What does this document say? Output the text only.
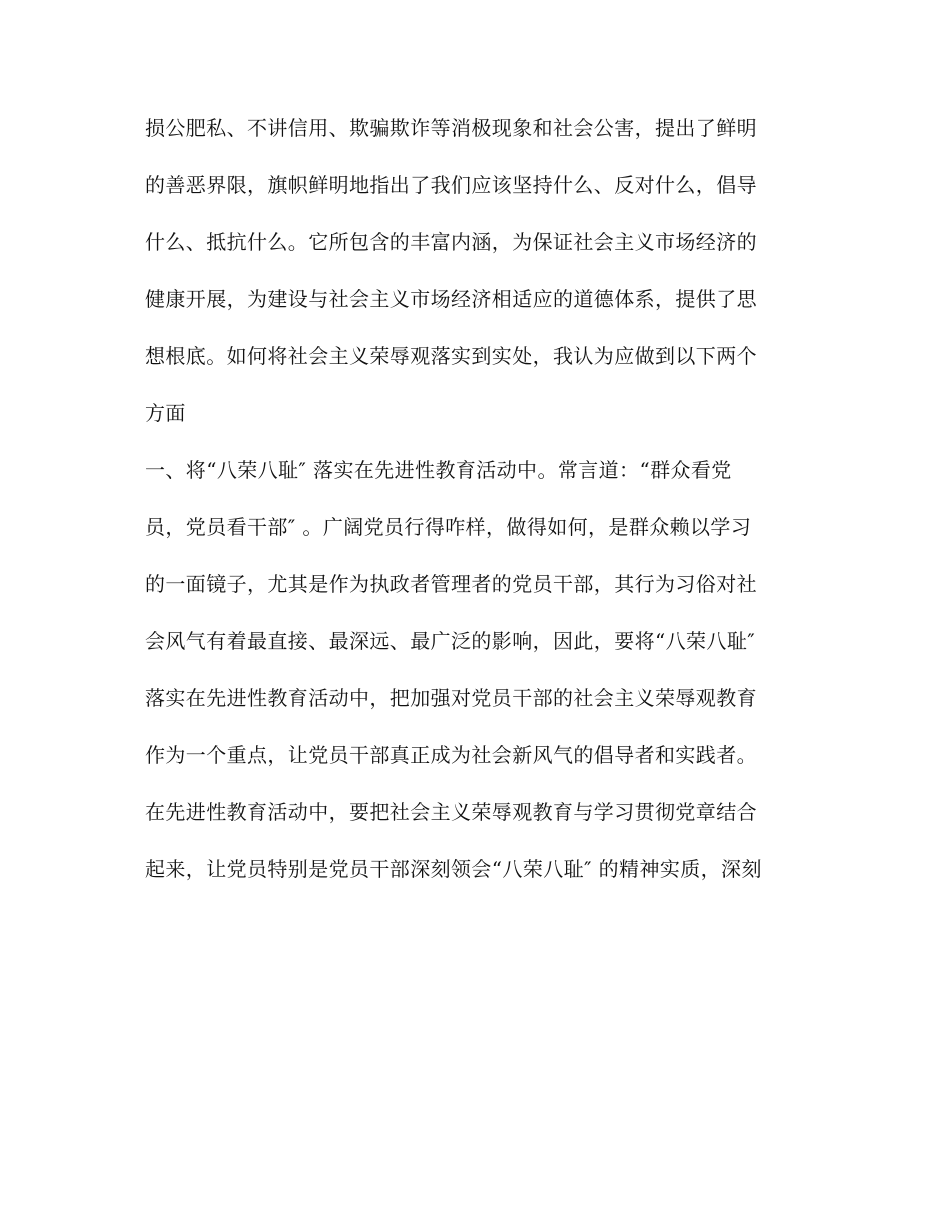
损公肥私、不讲信用、欺骗欺诈等消极现象和社会公害，提出了鲜明
的善恶界限，旗帜鲜明地指出了我们应该坚持什么、反对什么，倡导
什么、抵抗什么。它所包含的丰富内涵，为保证社会主义市场经济的
健康开展，为建设与社会主义市场经济相适应的道德体系，提供了思
想根底。如何将社会主义荣辱观落实到实处，我认为应做到以下两个
方面
一、将“八荣八耻″ 落实在先进性教育活动中。常言道：“群众看党
员，党员看干部″ 。广阔党员行得咋样，做得如何，是群众赖以学习
的一面镜子，尤其是作为执政者管理者的党员干部，其行为习俗对社
会风气有着最直接、最深远、最广泛的影响，因此，要将“八荣八耻″
落实在先进性教育活动中，把加强对党员干部的社会主义荣辱观教育
作为一个重点，让党员干部真正成为社会新风气的倡导者和实践者。
在先进性教育活动中，要把社会主义荣辱观教育与学习贯彻党章结合
起来，让党员特别是党员干部深刻领会“八荣八耻″ 的精神实质，深刻
